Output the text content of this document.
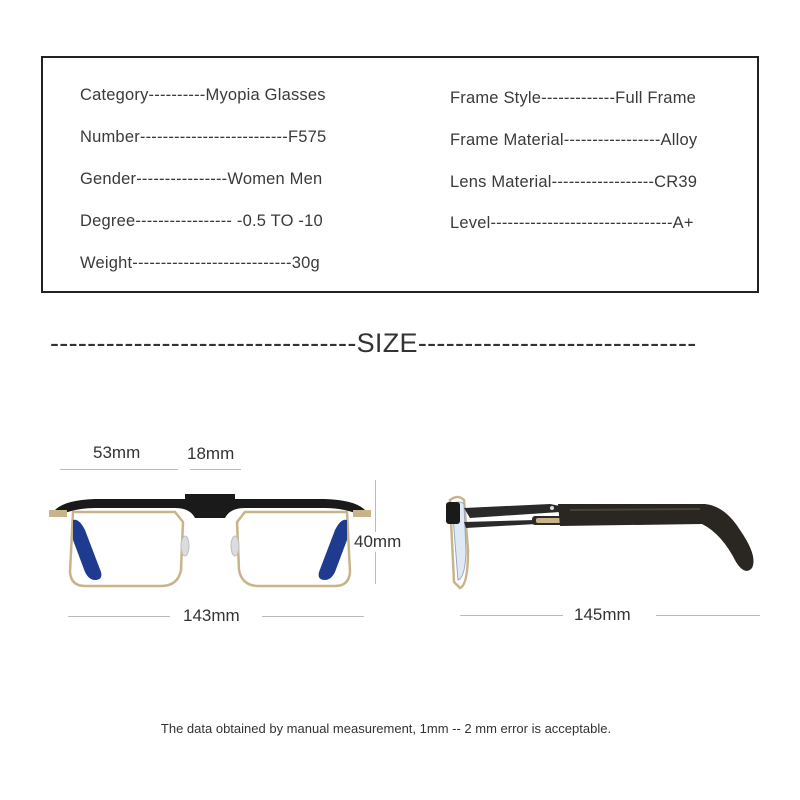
Category----------Myopia Glasses
Number--------------------------F575
Gender----------------Women Men
Degree----------------- -0.5 TO -10
Weight----------------------------30g
Frame Style-------------Full Frame
Frame Material-----------------Alloy
Lens Material------------------CR39
Level--------------------------------A+
---------------------------------SIZE------------------------------
53mm	18mm
40mm
143mm	145mm
The data obtained by manual measurement, 1mm -- 2 mm error is acceptable.
